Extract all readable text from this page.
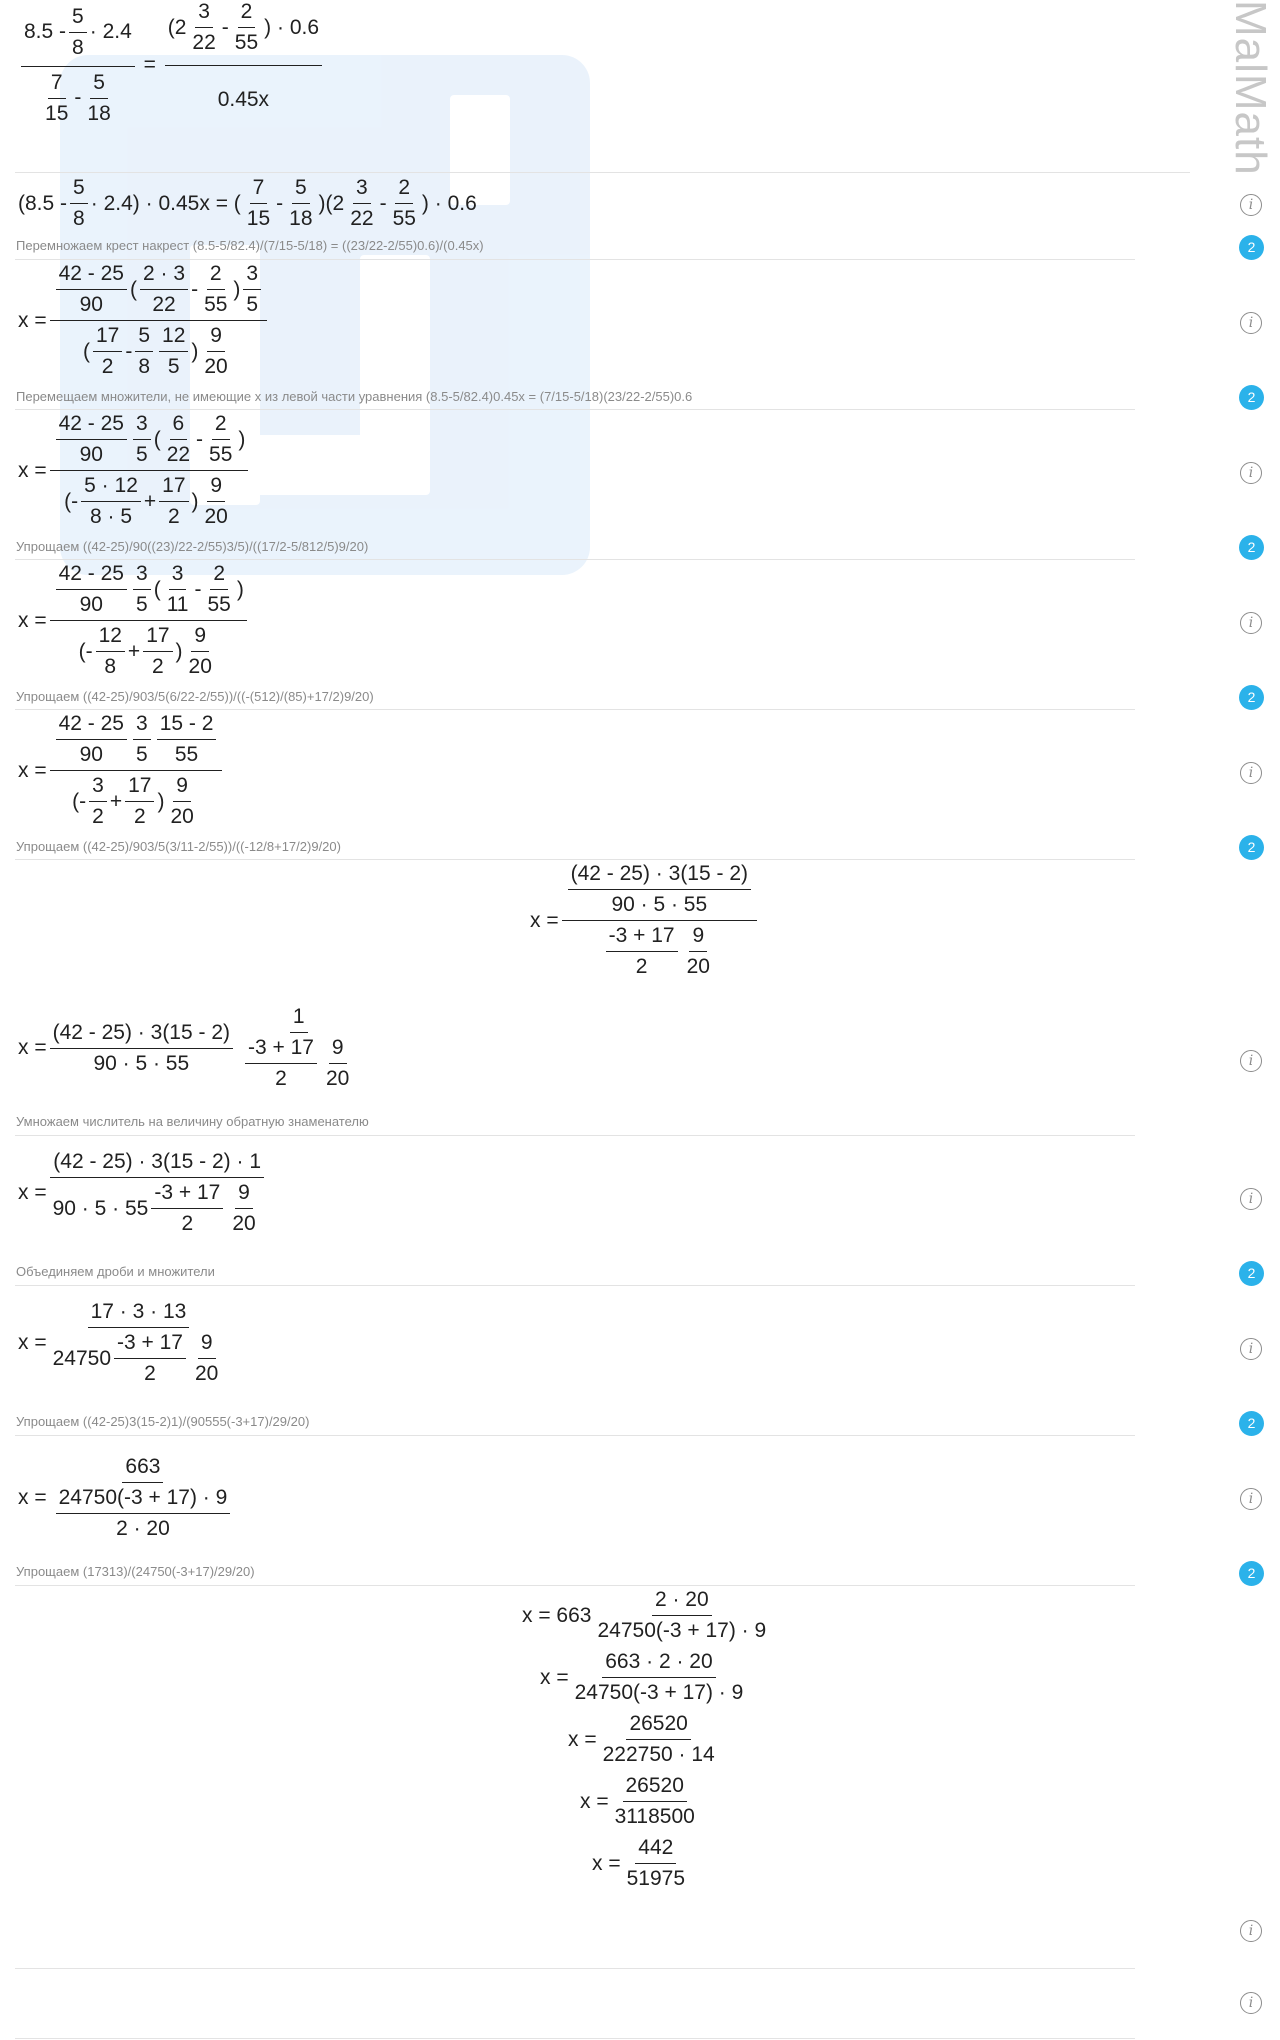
MalMath
8.5
-
5
8
·
2.4
7
15
-
5
18
=
( 2
3
22
-
2
55
)
·
0.6
0.45x
( 8.5
-
5
8
·
2.4 )
·
0.45x
=
(
7
15
-
5
18
) ( 2
3
22
-
2
55
)
·
0.6
Перемножаем крест накрест (8.5-5/82.4)/(7/15-5/18) = ((23/22-2/55)0.6)/(0.45x)
i
2
x
=
42 - 25
90
(
2
·
3
22
-
2
55
)
3
5
(
17
2
-
5
8
12
5
)
9
20
Перемещаем множители, не имеющие x из левой части уравнения (8.5-5/82.4)0.45x = (7/15-5/18)(23/22-2/55)0.6
i
2
x
=
42 - 25
90
3
5
(
6
22
-
2
55
)
( -
5
·
12
8
·
5
+ $\frac{17}{2}$ )
9
20
Упрощаем ((42-25)/90((23)/22-2/55)3/5)/((17/2-5/812/5)9/20)
i
2
x
=
42 - 25
90
3
5
(
3
11
-
2
55
)
( -
12
8
+ $\frac{17}{2}$ )
9
20
Упрощаем ((42-25)/903/5(6/22-2/55))/((-(512)/(85)+17/2)9/20)
i
2
x
= 42 - 25
90
3
5
15 - 2
55
( -
3
2
+ $\frac{17}{2}$ )
9
20
Упрощаем ((42-25)/903/5(3/11-2/55))/((-12/8+17/2)9/20)
i
2
x
= (42 - 25) · 3(15 - 2)
90 · 5 · 55
-3 + 17
2
9
20
x
= $\frac{(42 - 25) \cdot 3(15 - 2)}{90 \cdot 5 \cdot 55}$
1
-3 + 17
2
9
20
Умножаем числитель на величину обратную знаменателю
i
x
= (42 - 25) · 3(15 - 2) · 1
90 · 5 · 55
-3 + 17
2
9
20
Объединяем дроби и множители
i
2
x
= 17 · 3 · 13
24750
-3 + 17
2
9
20
Упрощаем ((42-25)3(15-2)1)/(90555(-3+17)/29/20)
i
2
x
= 663
24750(-3 + 17) · 9
2 · 20
Упрощаем (17313)/(24750(-3+17)/29/20)
i
2
x = 663
2 · 20
24750(-3 + 17) · 9
x
= $\frac{663 \cdot 2 \cdot 20}{24750(-3 + 17) \cdot 9}$
x
= $\frac{26520}{222750 \cdot 14}$
x
= $\frac{26520}{3118500}$
x
= $\frac{442}{51975}$
i
i
